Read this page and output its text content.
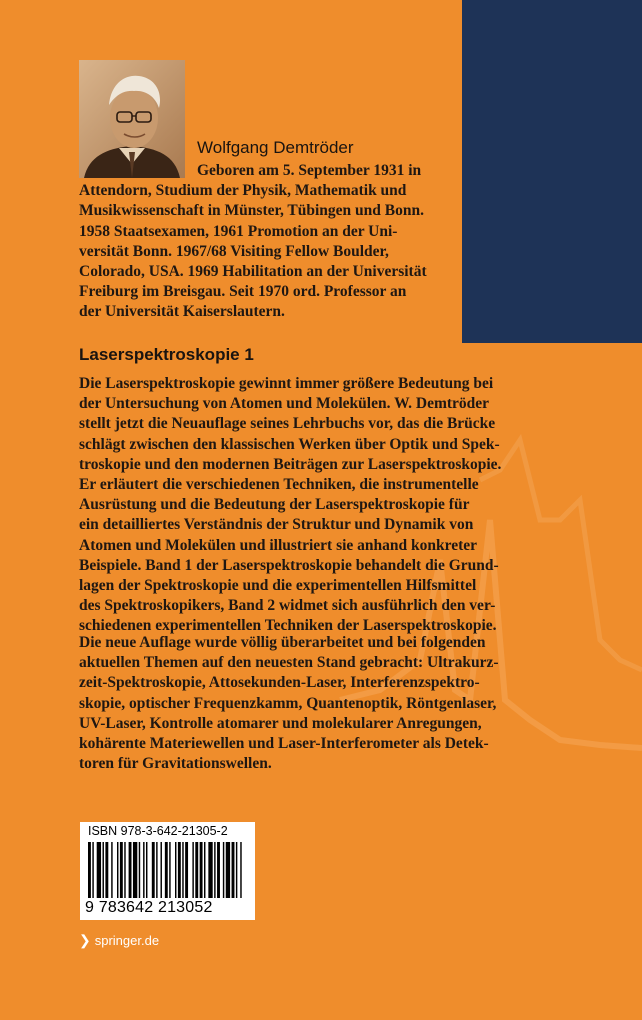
Wolfgang Demtröder

Geboren am 5. September 1931 in
Attendorn, Studium der Physik, Mathematik und
Musikwissenschaft in Münster, Tübingen und Bonn.
1958 Staatsexamen, 1961 Promotion an der Uni-
versität Bonn. 1967/68 Visiting Fellow Boulder,
Colorado, USA. 1969 Habilitation an der Universität
Freiburg im Breisgau. Seit 1970 ord. Professor an
der Universität Kaiserslautern.

Laserspektroskopie 1

Die Laserspektroskopie gewinnt immer größere Bedeutung bei
der Untersuchung von Atomen und Molekülen. W. Demtröder
stellt jetzt die Neuauflage seines Lehrbuchs vor, das die Brücke
schlägt zwischen den klassischen Werken über Optik und Spek-
troskopie und den modernen Beiträgen zur Laserspektroskopie.
Er erläutert die verschiedenen Techniken, die instrumentelle
Ausrüstung und die Bedeutung der Laserspektroskopie für
ein detailliertes Verständnis der Struktur und Dynamik von
Atomen und Molekülen und illustriert sie anhand konkreter
Beispiele. Band 1 der Laserspektroskopie behandelt die Grund-
lagen der Spektroskopie und die experimentellen Hilfsmittel
des Spektroskopikers, Band 2 widmet sich ausführlich den ver-
schiedenen experimentellen Techniken der Laserspektroskopie.

Die neue Auflage wurde völlig überarbeitet und bei folgenden
aktuellen Themen auf den neuesten Stand gebracht: Ultrakurz-
zeit-Spektroskopie, Attosekunden-Laser, Interferenzspektro-
skopie, optischer Frequenzkamm, Quantenoptik, Röntgenlaser,
UV-Laser, Kontrolle atomarer und molekularer Anregungen,
kohärente Materiewellen und Laser-Interferometer als Detek-
toren für Gravitationswellen.

ISBN 978-3-642-21305-2
9 783642 213052
❯ springer.de
